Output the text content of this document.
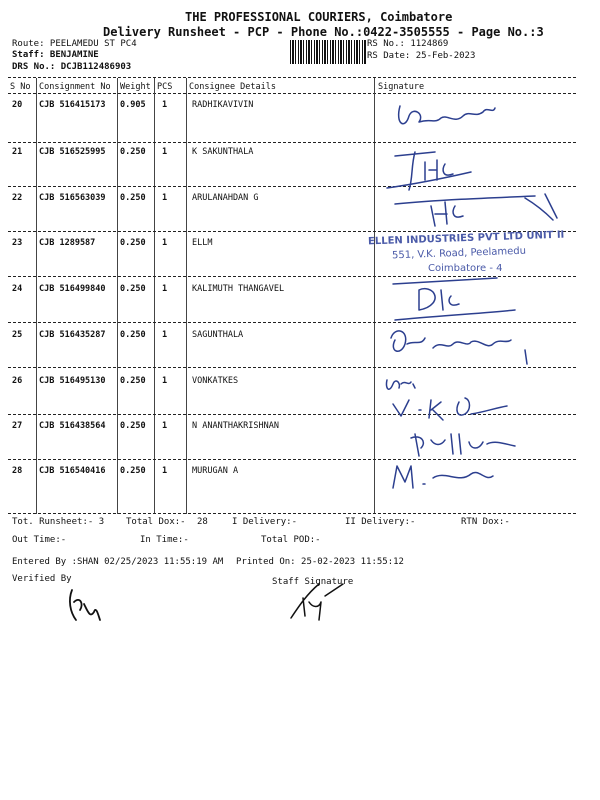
THE PROFESSIONAL COURIERS, Coimbatore
Delivery Runsheet - PCP - Phone No.:0422-3505555 - Page No.:3
Route: PEELAMEDU ST PC4
Staff: BENJAMINE
DRS No.: DCJB112486903
RS No.: 1124869
RS Date: 25-Feb-2023
S No Consignment No Weight PCS Consignee Details	Signature
20 CJB 516415173 0.905 1	RADHIKAVIVIN
21 CJB 516525995 0.250 1	K SAKUNTHALA
22 CJB 516563039 0.250 1	ARULANAHDAN G
23 CJB 1289587	0.250 1	ELLM
24 CJB 516499840 0.250 1	KALIMUTH THANGAVEL
25 CJB 516435287 0.250 1	SAGUNTHALA
26 CJB 516495130 0.250 1	VONKATKES
27 CJB 516438564 0.250 1	N ANANTHAKRISHNAN
28 CJB 516540416 0.250 1	MURUGAN A
ELLEN INDUSTRIES PVT LTD UNIT II
551, V.K. Road, Peelamedu
Coimbatore - 4
Tot. Runsheet:- 3 Total Dox:- 28	I Delivery:-	II Delivery:-	RTN Dox:-
Out Time:-	In Time:-	Total POD:-
Entered By :SHAN 02/25/2023 11:55:19 AM Printed On: 25-02-2023 11:55:12
Verified By	Staff Signature
